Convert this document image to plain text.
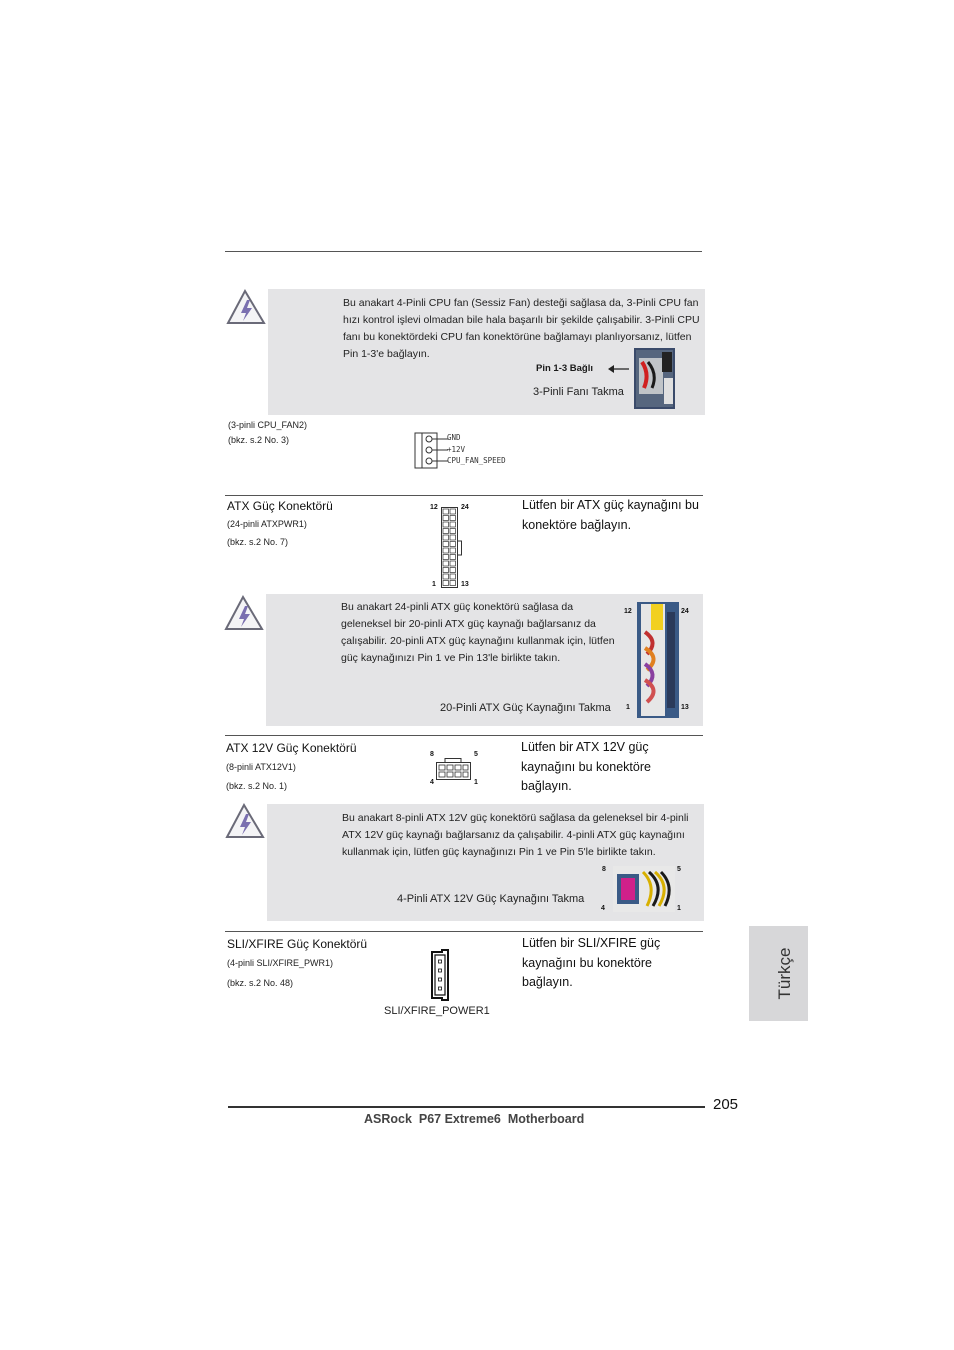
Bu anakart 4-Pinli CPU fan (Sessiz Fan) desteği sağlasa da, 3-Pinli CPU fan hızı kontrol işlevi olmadan bile hala başarılı bir şekilde çalışabilir. 3-Pinli CPU fanı bu konektördeki CPU fan konektörüne bağlamayı planlıyorsanız, lütfen Pin 1-3'e bağlayın.
Pin 1-3 Bağlı
3-Pinli Fanı Takma
(3-pinli CPU_FAN2)
(bkz. s.2 No. 3)	GND
+12V
CPU_FAN_SPEED
ATX Güç Konektörü
(24-pinli ATXPWR1)
(bkz. s.2 No. 7)
Lütfen bir ATX güç kaynağını bu konektöre bağlayın.
12	24
1	13
Bu anakart 24-pinli ATX güç konektörü sağlasa da geleneksel bir 20-pinli ATX güç kaynağı bağlarsanız da çalışabilir. 20-pinli ATX güç kaynağını kullanmak için, lütfen güç kaynağınızı Pin 1 ve Pin 13'le birlikte takın.
20-Pinli ATX Güç Kaynağını Takma
12	24
1	13
ATX 12V Güç Konektörü
(8-pinli ATX12V1)
(bkz. s.2 No. 1)
Lütfen bir ATX 12V güç kaynağını bu konektöre bağlayın.
8	5
4	1
Bu anakart 8-pinli ATX 12V güç konektörü sağlasa da geleneksel bir 4-pinli ATX 12V güç kaynağı bağlarsanız da çalışabilir. 4-pinli ATX güç kaynağını kullanmak için, lütfen güç kaynağınızı Pin 1 ve Pin 5'le birlikte takın.
4-Pinli ATX 12V Güç Kaynağını Takma
8	5
4	1
SLI/XFIRE Güç Konektörü
(4-pinli SLI/XFIRE_PWR1)
(bkz. s.2 No. 48)
Lütfen bir SLI/XFIRE güç kaynağını bu konektöre bağlayın.
SLI/XFIRE_POWER1
Türkçe
205
ASRock  P67 Extreme6  Motherboard
